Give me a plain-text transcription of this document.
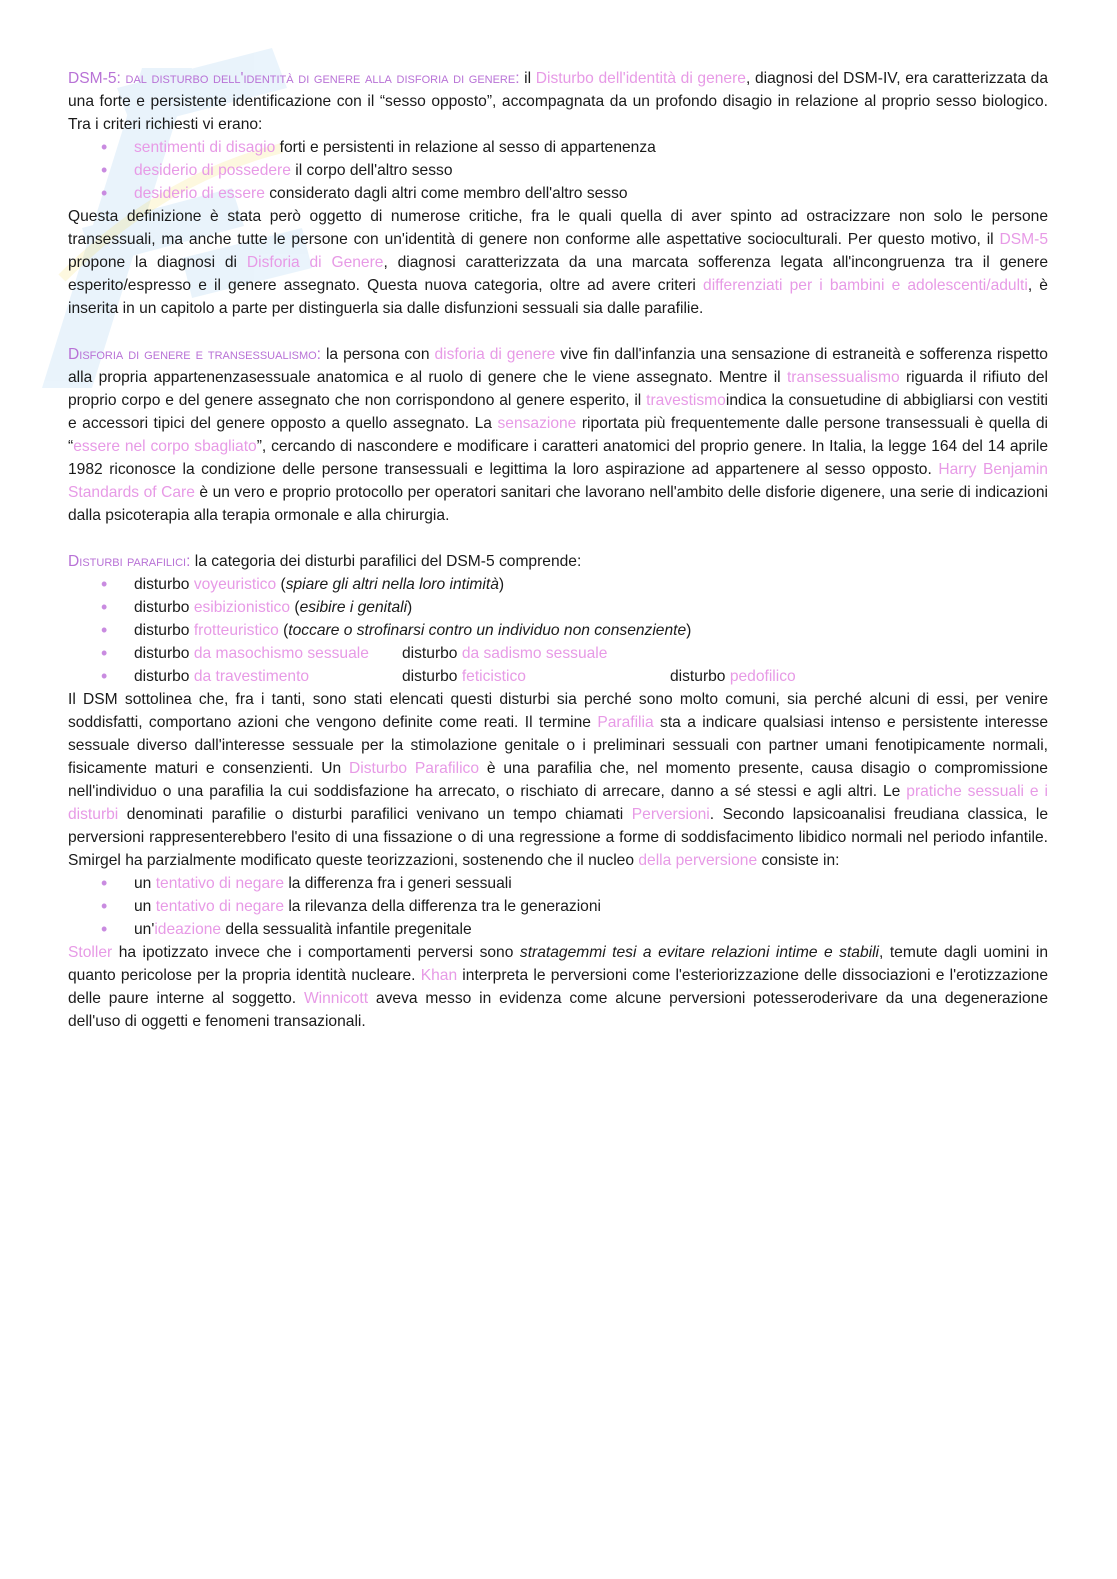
DSM-5: dal disturbo dell'identità di genere alla disforia di genere: il Disturbo dell'identità di genere, diagnosi del DSM-IV, era caratterizzata da una forte e persistente identificazione con il “sesso opposto”, accompagnata da un profondo disagio in relazione al proprio sesso biologico. Tra i criteri richiesti vi erano:

• sentimenti di disagio forti e persistenti in relazione al sesso di appartenenza
• desiderio di possedere il corpo dell'altro sesso
• desiderio di essere considerato dagli altri come membro dell'altro sesso

Questa definizione è stata però oggetto di numerose critiche, fra le quali quella di aver spinto ad ostracizzare non solo le persone transessuali, ma anche tutte le persone con un'identità di genere non conforme alle aspettative socioculturali. Per questo motivo, il DSM-5 propone la diagnosi di Disforia di Genere, diagnosi caratterizzata da una marcata sofferenza legata all'incongruenza tra il genere esperito/espresso e il genere assegnato. Questa nuova categoria, oltre ad avere criteri differenziati per i bambini e adolescenti/adulti, è inserita in un capitolo a parte per distinguerla sia dalle disfunzioni sessuali sia dalle parafilie.

Disforia di genere e transessualismo: la persona con disforia di genere vive fin dall'infanzia una sensazione di estraneità e sofferenza rispetto alla propria appartenenzasessuale anatomica e al ruolo di genere che le viene assegnato. Mentre il transessualismo riguarda il rifiuto del proprio corpo e del genere assegnato che non corrispondono al genere esperito, il travestismoindica la consuetudine di abbigliarsi con vestiti e accessori tipici del genere opposto a quello assegnato. La sensazione riportata più frequentemente dalle persone transessuali è quella di “essere nel corpo sbagliato”, cercando di nascondere e modificare i caratteri anatomici del proprio genere. In Italia, la legge 164 del 14 aprile 1982 riconosce la condizione delle persone transessuali e legittima la loro aspirazione ad appartenere al sesso opposto. Harry Benjamin Standards of Care è un vero e proprio protocollo per operatori sanitari che lavorano nell'ambito delle disforie digenere, una serie di indicazioni dalla psicoterapia alla terapia ormonale e alla chirurgia.

Disturbi parafilici: la categoria dei disturbi parafilici del DSM-5 comprende:

• disturbo voyeuristico (spiare gli altri nella loro intimità)
• disturbo esibizionistico (esibire i genitali)
• disturbo frotteuristico (toccare o strofinarsi contro un individuo non consenziente)
• disturbo da masochismo sessuale disturbo da sadismo sessuale
• disturbo da travestimento	disturbo feticistico	disturbo pedofilico

Il DSM sottolinea che, fra i tanti, sono stati elencati questi disturbi sia perché sono molto comuni, sia perché alcuni di essi, per venire soddisfatti, comportano azioni che vengono definite come reati. Il termine Parafilia sta a indicare qualsiasi intenso e persistente interesse sessuale diverso dall'interesse sessuale per la stimolazione genitale o i preliminari sessuali con partner umani fenotipicamente normali, fisicamente maturi e consenzienti. Un Disturbo Parafilico è una parafilia che, nel momento presente, causa disagio o compromissione nell'individuo o una parafilia la cui soddisfazione ha arrecato, o rischiato di arrecare, danno a sé stessi e agli altri. Le pratiche sessuali e i disturbi denominati parafilie o disturbi parafilici venivano un tempo chiamati Perversioni. Secondo lapsicoanalisi freudiana classica, le perversioni rappresenterebbero l'esito di una fissazione o di una regressione a forme di soddisfacimento libidico normali nel periodo infantile. Smirgel ha parzialmente modificato queste teorizzazioni, sostenendo che il nucleo della perversione consiste in:

• un tentativo di negare la differenza fra i generi sessuali
• un tentativo di negare la rilevanza della differenza tra le generazioni
• un'ideazione della sessualità infantile pregenitale

Stoller ha ipotizzato invece che i comportamenti perversi sono stratagemmi tesi a evitare relazioni intime e stabili, temute dagli uomini in quanto pericolose per la propria identità nucleare. Khan interpreta le perversioni come l'esteriorizzazione delle dissociazioni e l'erotizzazione delle paure interne al soggetto. Winnicott aveva messo in evidenza come alcune perversioni potesseroderivare da una degenerazione dell'uso di oggetti e fenomeni transazionali.
